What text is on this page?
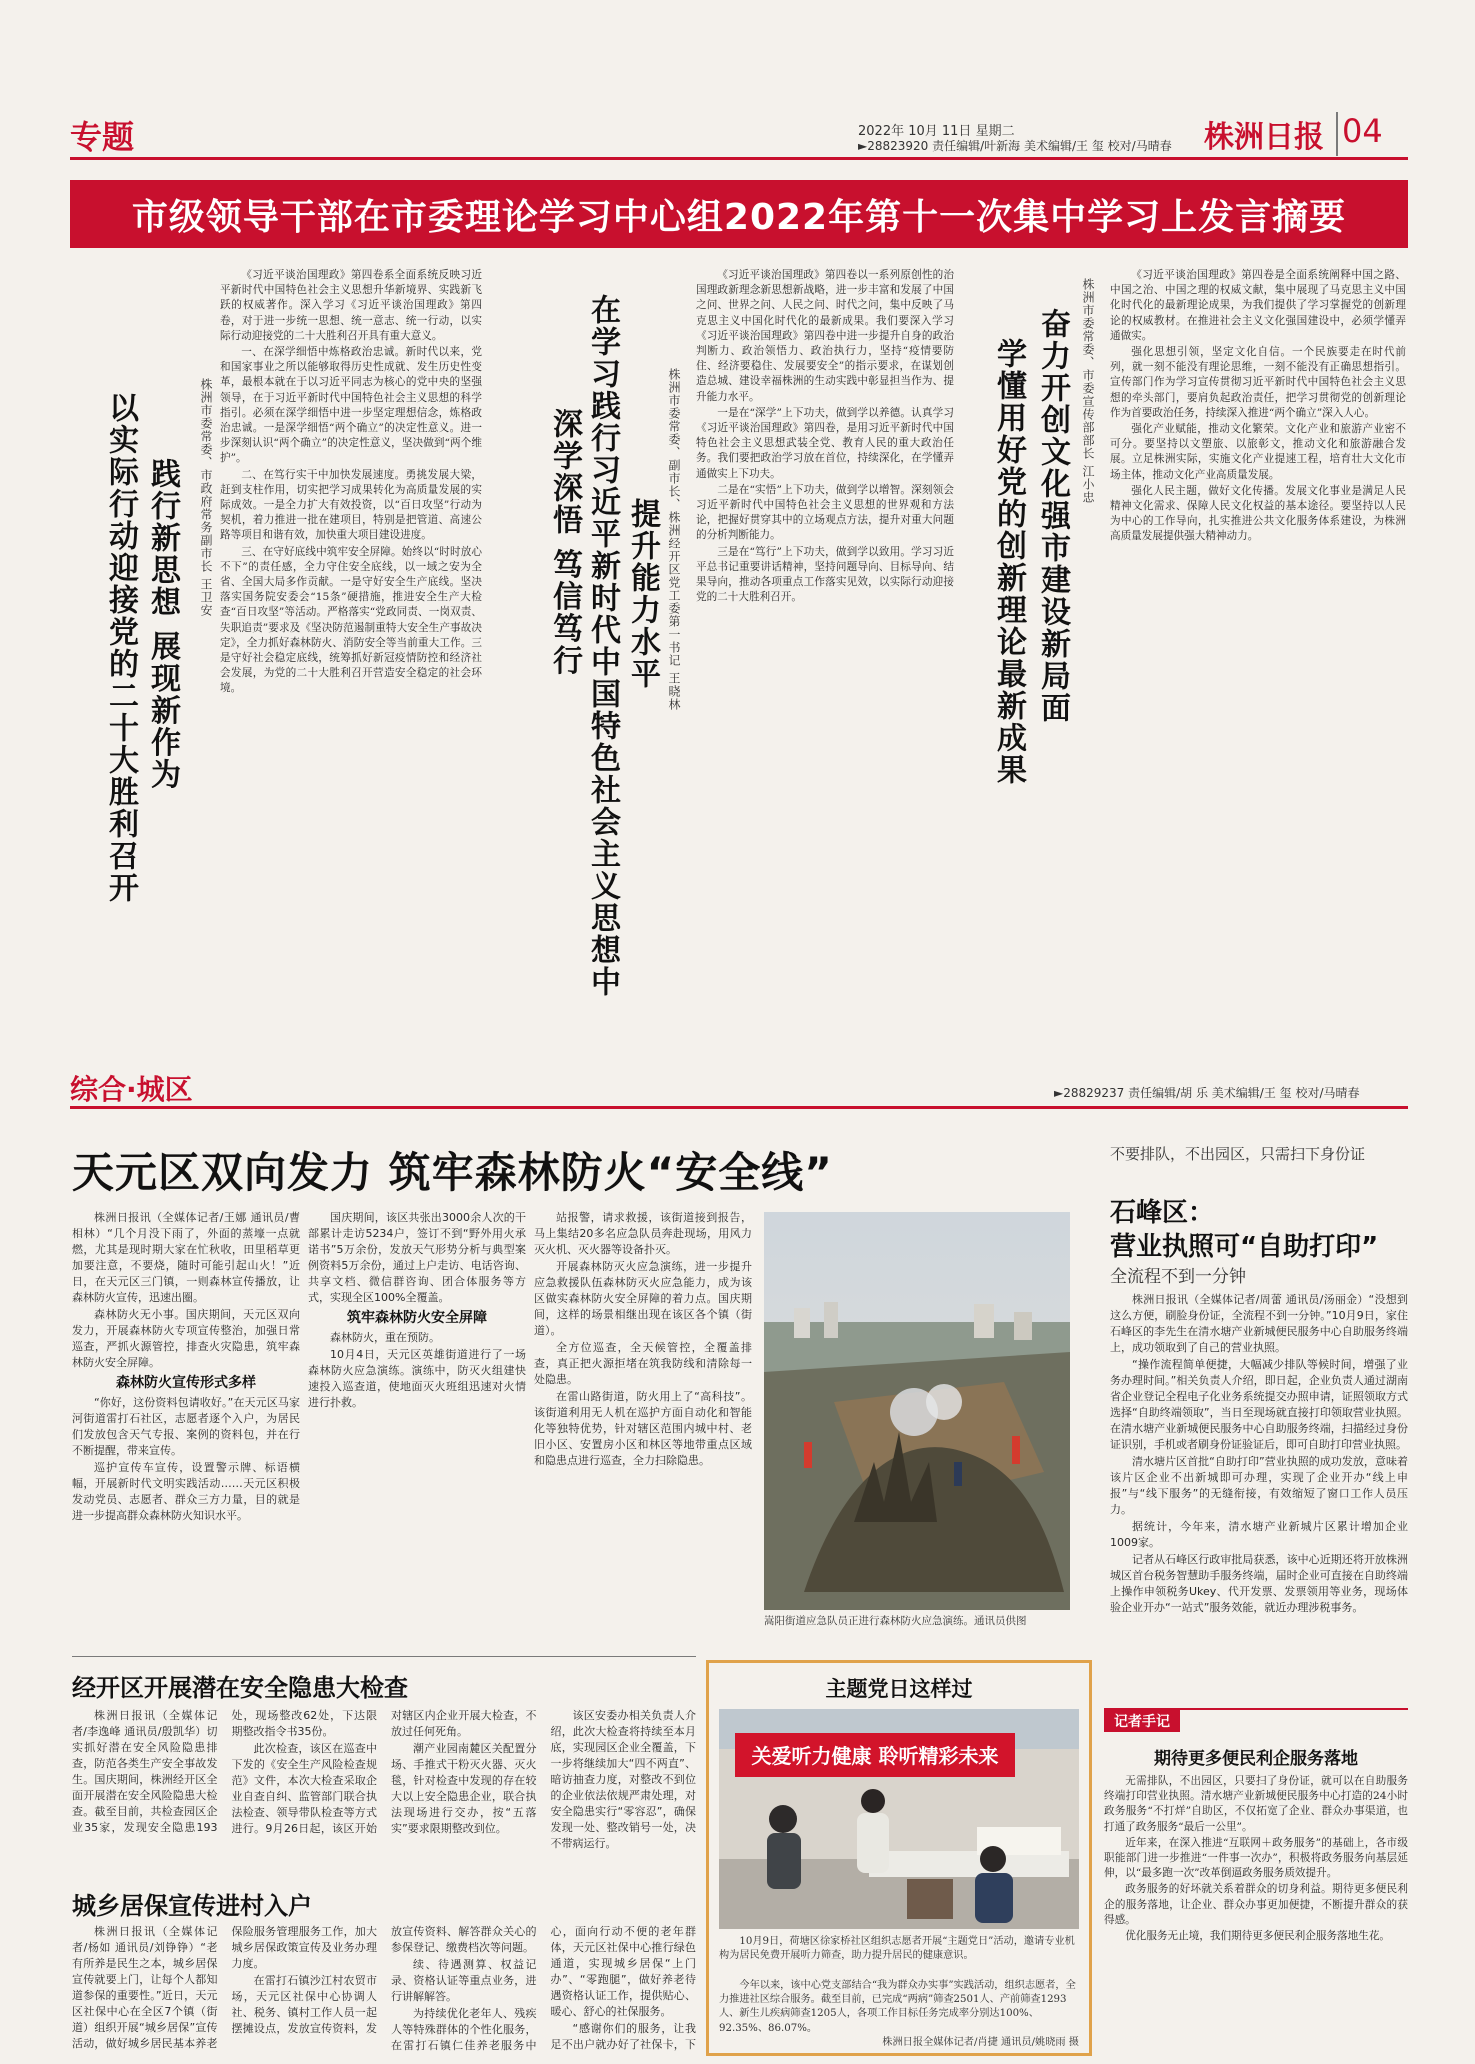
专题	2022年 10月 11日 星期二
►28823920 责任编辑/叶新海 美术编辑/王 玺 校对/马晴春 株洲日报 04
市级领导干部在市委理论学习中心组2022年第十一次集中学习上发言摘要
以实际行动迎接党的二十大胜利召开 践行新思想 展现新作为 株洲市委常委、市政府常务副市长 王卫安

《习近平谈治国理政》第四卷系全面系统反映习近平新时代中国特色社会主义思想升华新境界、实践新飞跃的权威著作。深入学习《习近平谈治国理政》第四卷，对于进一步统一思想、统一意志、统一行动，以实际行动迎接党的二十大胜利召开具有重大意义。

一、在深学细悟中炼格政治忠诚。新时代以来，党和国家事业之所以能够取得历史性成就、发生历史性变革，最根本就在于以习近平同志为核心的党中央的坚强领导，在于习近平新时代中国特色社会主义思想的科学指引。必须在深学细悟中进一步坚定理想信念，炼格政治忠诚。一是深学细悟“两个确立”的决定性意义。进一步深刻认识“两个确立”的决定性意义，坚决做到“两个维护”。

二、在笃行实干中加快发展速度。勇挑发展大梁，赶到支柱作用，切实把学习成果转化为高质量发展的实际成效。一是全力扩大有效投资，以“百日攻坚”行动为契机，着力推进一批在建项目，特别是把管道、高速公路等项目和谐有效，加快重大项目建设进度。

三、在守好底线中筑牢安全屏障。始终以“时时放心不下”的责任感，全力守住安全底线，以一域之安为全省、全国大局多作贡献。一是守好安全生产底线。坚决落实国务院安委会“15条”硬措施，推进安全生产大检查“百日攻坚”等活动。严格落实“党政同责、一岗双责、失职追责”要求及《坚决防范遏制重特大安全生产事故决定》，全力抓好森林防火、消防安全等当前重大工作。三是守好社会稳定底线，统筹抓好新冠疫情防控和经济社会发展，为党的二十大胜利召开营造安全稳定的社会环境。	在学习践行习近平新时代中国特色社会主义思想中 提升能力水平
深学深悟 笃信笃行	株洲市委常委、副市长、株洲经开区党工委第一书记 王晓林

《习近平谈治国理政》第四卷以一系列原创性的治国理政新理念新思想新战略，进一步丰富和发展了中国之问、世界之问、人民之问、时代之问，集中反映了马克思主义中国化时代化的最新成果。我们要深入学习《习近平谈治国理政》第四卷中进一步提升自身的政治判断力、政治领悟力、政治执行力，坚持“疫情要防住、经济要稳住、发展要安全”的指示要求，在谋划创造总城、建设幸福株洲的生动实践中彰显担当作为、提升能力水平。

一是在“深学”上下功夫，做到学以养德。认真学习《习近平谈治国理政》第四卷，是用习近平新时代中国特色社会主义思想武装全党、教育人民的重大政治任务。我们要把政治学习放在首位，持续深化，在学懂弄通做实上下功夫。

二是在“实悟”上下功夫，做到学以增智。深刻领会习近平新时代中国特色社会主义思想的世界观和方法论，把握好贯穿其中的立场观点方法，提升对重大问题的分析判断能力。

三是在“笃行”上下功夫，做到学以致用。学习习近平总书记重要讲话精神，坚持问题导向、目标导向、结果导向，推动各项重点工作落实见效，以实际行动迎接党的二十大胜利召开。	奋力开创文化强市建设新局面
学懂用好党的创新理论最新成果	株洲市委常委、市委宣传部部长 江小忠

《习近平谈治国理政》第四卷是全面系统阐释中国之路、中国之治、中国之理的权威文献，集中展现了马克思主义中国化时代化的最新理论成果，为我们提供了学习掌握党的创新理论的权威教材。在推进社会主义文化强国建设中，必须学懂弄通做实。

强化思想引领，坚定文化自信。一个民族要走在时代前列，就一刻不能没有理论思维，一刻不能没有正确思想指引。宣传部门作为学习宣传贯彻习近平新时代中国特色社会主义思想的牵头部门，要肩负起政治责任，把学习贯彻党的创新理论作为首要政治任务，持续深入推进“两个确立”深入人心。

强化产业赋能，推动文化繁荣。文化产业和旅游产业密不可分。要坚持以文塑旅、以旅彰文，推动文化和旅游融合发展。立足株洲实际，实施文化产业提速工程，培育壮大文化市场主体，推动文化产业高质量发展。

强化人民主题，做好文化传播。发展文化事业是满足人民精神文化需求、保障人民文化权益的基本途径。要坚持以人民为中心的工作导向，扎实推进公共文化服务体系建设，为株洲高质量发展提供强大精神动力。

综合·城区	►28829237 责任编辑/胡 乐 美术编辑/王 玺 校对/马晴春
天元区双向发力 筑牢森林防火“安全线”

株洲日报讯（全媒体记者/王娜 通讯员/曹相林）“几个月没下雨了，外面的蒸壕一点就燃，尤其是现时期大家在忙秋收，田里稻草更加要注意，不要烧，随时可能引起山火！”近日，在天元区三门镇，一则森林宣传播放，让森林防火宣传，迅速出圈。

森林防火无小事。国庆期间，天元区双向发力，开展森林防火专项宣传整治，加强日常巡查，严抓火源管控，排查火灾隐患，筑牢森林防火安全屏障。

森林防火宣传形式多样

“你好，这份资料包请收好。”在天元区马家河街道雷打石社区，志愿者逐个入户，为居民们发放包含天气专报、案例的资料包，并在行不断提醒，带来宣传。

巡护宣传车宣传，设置警示牌、标语横幅，开展新时代文明实践活动……天元区积极发动党员、志愿者、群众三方力量，目的就是进一步提高群众森林防火知识水平。

国庆期间，该区共张出3000余人次的干部累计走访5234户，签订不到“野外用火承诺书”5万余份，发放天气形势分析与典型案例资料5万余份，通过上户走访、电话咨询、共享文档、微信群咨询、团合体服务等方式，实现全区100%全覆盖。

筑牢森林防火安全屏障

森林防火，重在预防。

10月4日，天元区英雄街道进行了一场森林防火应急演练。演练中，防灭火组建快速投入巡查道，使地面灭火班组迅速对火情进行扑救。

站报警，请求救援，该街道接到报告，马上集结20多名应急队员奔赴现场，用风力灭火机、灭火器等设备扑灭。

开展森林防灭火应急演练，进一步提升应急救援队伍森林防灭火应急能力，成为该区做实森林防火安全屏障的着力点。国庆期间，这样的场景相继出现在该区各个镇（街道）。

全方位巡查，全天候管控，全覆盖排查，真正把火源拒堵在筑我防线和清除每一处隐患。

在雷山路街道，防火用上了“高科技”。该街道利用无人机在巡护方面自动化和智能化等独特优势，针对辖区范围内城中村、老旧小区、安置房小区和林区等地带重点区域和隐患点进行巡查，全力扫除隐患。

嵩阳街道应急队员正进行森林防火应急演练。通讯员供图
不要排队，不出园区，只需扫下身份证
石峰区：
营业执照可“自助打印”
全流程不到一分钟

株洲日报讯（全媒体记者/周蕾 通讯员/汤丽金）“没想到这么方便，刷脸身份证，全流程不到一分钟。”10月9日，家住石峰区的李先生在清水塘产业新城便民服务中心自助服务终端上，成功领取到了自己的营业执照。

“操作流程简单便捷，大幅减少排队等候时间，增强了业务办理时间。”相关负责人介绍，即日起，企业负责人通过湖南省企业登记全程电子化业务系统提交办照申请，证照领取方式选择“自助终端领取”，当日至现场就直接打印领取营业执照。在清水塘产业新城便民服务中心自助服务终端，扫描经过身份证识别，手机或者刷身份证验证后，即可自助打印营业执照。

清水塘片区首批“自助打印”营业执照的成功发放，意味着该片区企业不出新城即可办理，实现了企业开办“线上申报”与“线下服务”的无缝衔接，有效缩短了窗口工作人员压力。

据统计，今年来，清水塘产业新城片区累计增加企业1009家。

记者从石峰区行政审批局获悉，该中心近期还将开放株洲城区首台税务智慧助手服务终端，届时企业可直接在自助终端上操作申领税务Ukey、代开发票、发票领用等业务，现场体验企业开办“一站式”服务效能，就近办理涉税事务。

记者手记
期待更多便民利企服务落地

无需排队，不出园区，只要扫了身份证，就可以在自助服务终端打印营业执照。清水塘产业新城便民服务中心打造的24小时政务服务“不打烊”自助区，不仅拓宽了企业、群众办事渠道，也打通了政务服务“最后一公里”。

近年来，在深入推进“互联网＋政务服务”的基础上，各市级职能部门进一步推进“一件事一次办”，积极将政务服务向基层延伸，以“最多跑一次”改革倒逼政务服务质效提升。

政务服务的好坏就关系着群众的切身利益。期待更多便民利企的服务落地，让企业、群众办事更加便捷，不断提升群众的获得感。

优化服务无止境，我们期待更多便民利企服务落地生花。

经开区开展潜在安全隐患大检查

株洲日报讯（全媒体记者/李逸峰 通讯员/殷凯华）切实抓好潜在安全风险隐患排查，防范各类生产安全事故发生。国庆期间，株洲经开区全面开展潜在安全风险隐患大检查。截至目前，共检查园区企业35家，发现安全隐患193处，现场整改62处，下达限期整改指令书35份。

此次检查，该区在巡查中下发的《安全生产风险检查规范》文件，本次大检查采取企业自查自纠、监管部门联合执法检查、领导带队检查等方式进行。9月26日起，该区开始对辖区内企业开展大检查，不放过任何死角。

潮产业园南麓区关配置分场、手推式干粉灭火器、灭火毯，针对检查中发现的存在较大以上安全隐患企业，联合执法现场进行交办，按“五落实”要求限期整改到位。

该区安委办相关负责人介绍，此次大检查将持续至本月底，实现园区企业全覆盖，下一步将继续加大“四不两直”、暗访抽查力度，对整改不到位的企业依法依规严肃处理，对安全隐患实行“零容忍”，确保发现一处、整改销号一处，决不带病运行。

城乡居保宣传进村入户

株洲日报讯（全媒体记者/杨如 通讯员/刘铮铮）“老有所养是民生之本，城乡居保宣传就要上门，让每个人都知道参保的重要性。”近日，天元区社保中心在全区7个镇（街道）组织开展“城乡居保”宣传活动，做好城乡居民基本养老保险服务管理服务工作，加大城乡居保政策宣传及业务办理力度。

在雷打石镇沙江村农贸市场，天元区社保中心协调人社、税务、镇村工作人员一起摆摊设点，发放宣传资料，发放宣传资料、解答群众关心的参保登记、缴费档次等问题。

续、待遇测算、权益记录、资格认证等重点业务，进行讲解解答。

为持续优化老年人、残疾人等特殊群体的个性化服务，在雷打石镇仁佳养老服务中心，面向行动不便的老年群体，天元区社保中心推行绿色通道，实现城乡居保“上门办”、“零跑腿”，做好养老待遇资格认证工作，提供贴心、暖心、舒心的社保服务。

“感谢你们的服务，让我足不出户就办好了社保卡，下

主题党日这样过
关爱听力健康 聆听精彩未来
10月9日，荷塘区徐家桥社区组织志愿者开展“主题党日”活动，邀请专业机构为居民免费开展听力筛查，助力提升居民的健康意识。
今年以来，该中心党支部结合“我为群众办实事”实践活动，组织志愿者，全力推进社区综合服务。截至目前，已完成“两病”筛查2501人、产前筛查1293人、新生儿疾病筛查1205人，各项工作目标任务完成率分别达100%、92.35%、86.07%。
株洲日报全媒体记者/肖捷 通讯员/姚晓雨 摄
